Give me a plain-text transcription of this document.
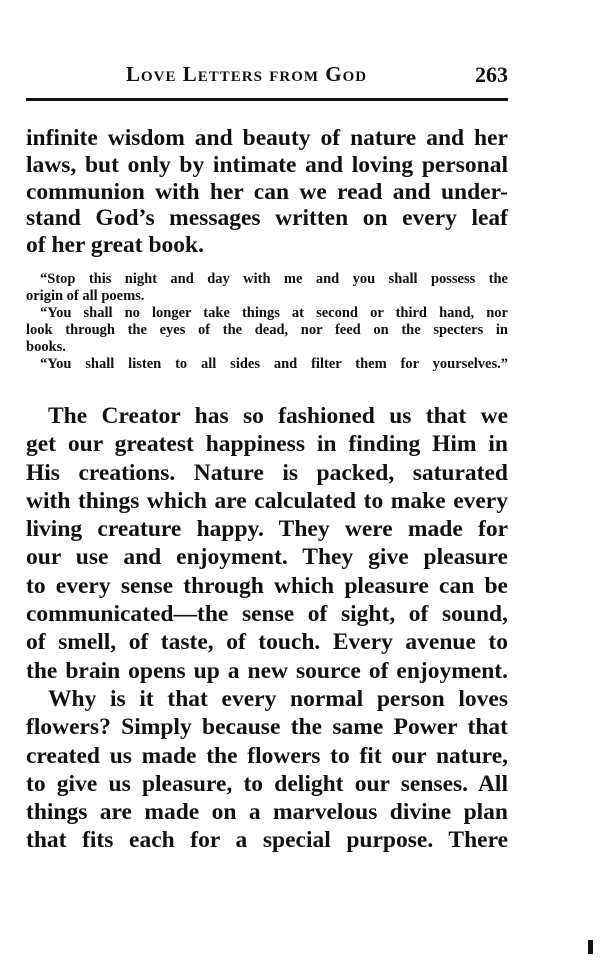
Love Letters from God	263
infinite wisdom and beauty of nature and her
laws, but only by intimate and loving personal
communion with her can we read and under-
stand God’s messages written on every leaf
of her great book.
“Stop this night and day with me and you shall possess the
origin of all poems.
“You shall no longer take things at second or third hand, nor
look through the eyes of the dead, nor feed on the specters in
books.
“You shall listen to all sides and filter them for yourselves.”
The Creator has so fashioned us that we
get our greatest happiness in finding Him in
His creations. Nature is packed, saturated
with things which are calculated to make every
living creature happy. They were made for
our use and enjoyment. They give pleasure
to every sense through which pleasure can be
communicated—the sense of sight, of sound,
of smell, of taste, of touch. Every avenue to
the brain opens up a new source of enjoyment.
Why is it that every normal person loves
flowers? Simply because the same Power that
created us made the flowers to fit our nature,
to give us pleasure, to delight our senses. All
things are made on a marvelous divine plan
that fits each for a special purpose. There
